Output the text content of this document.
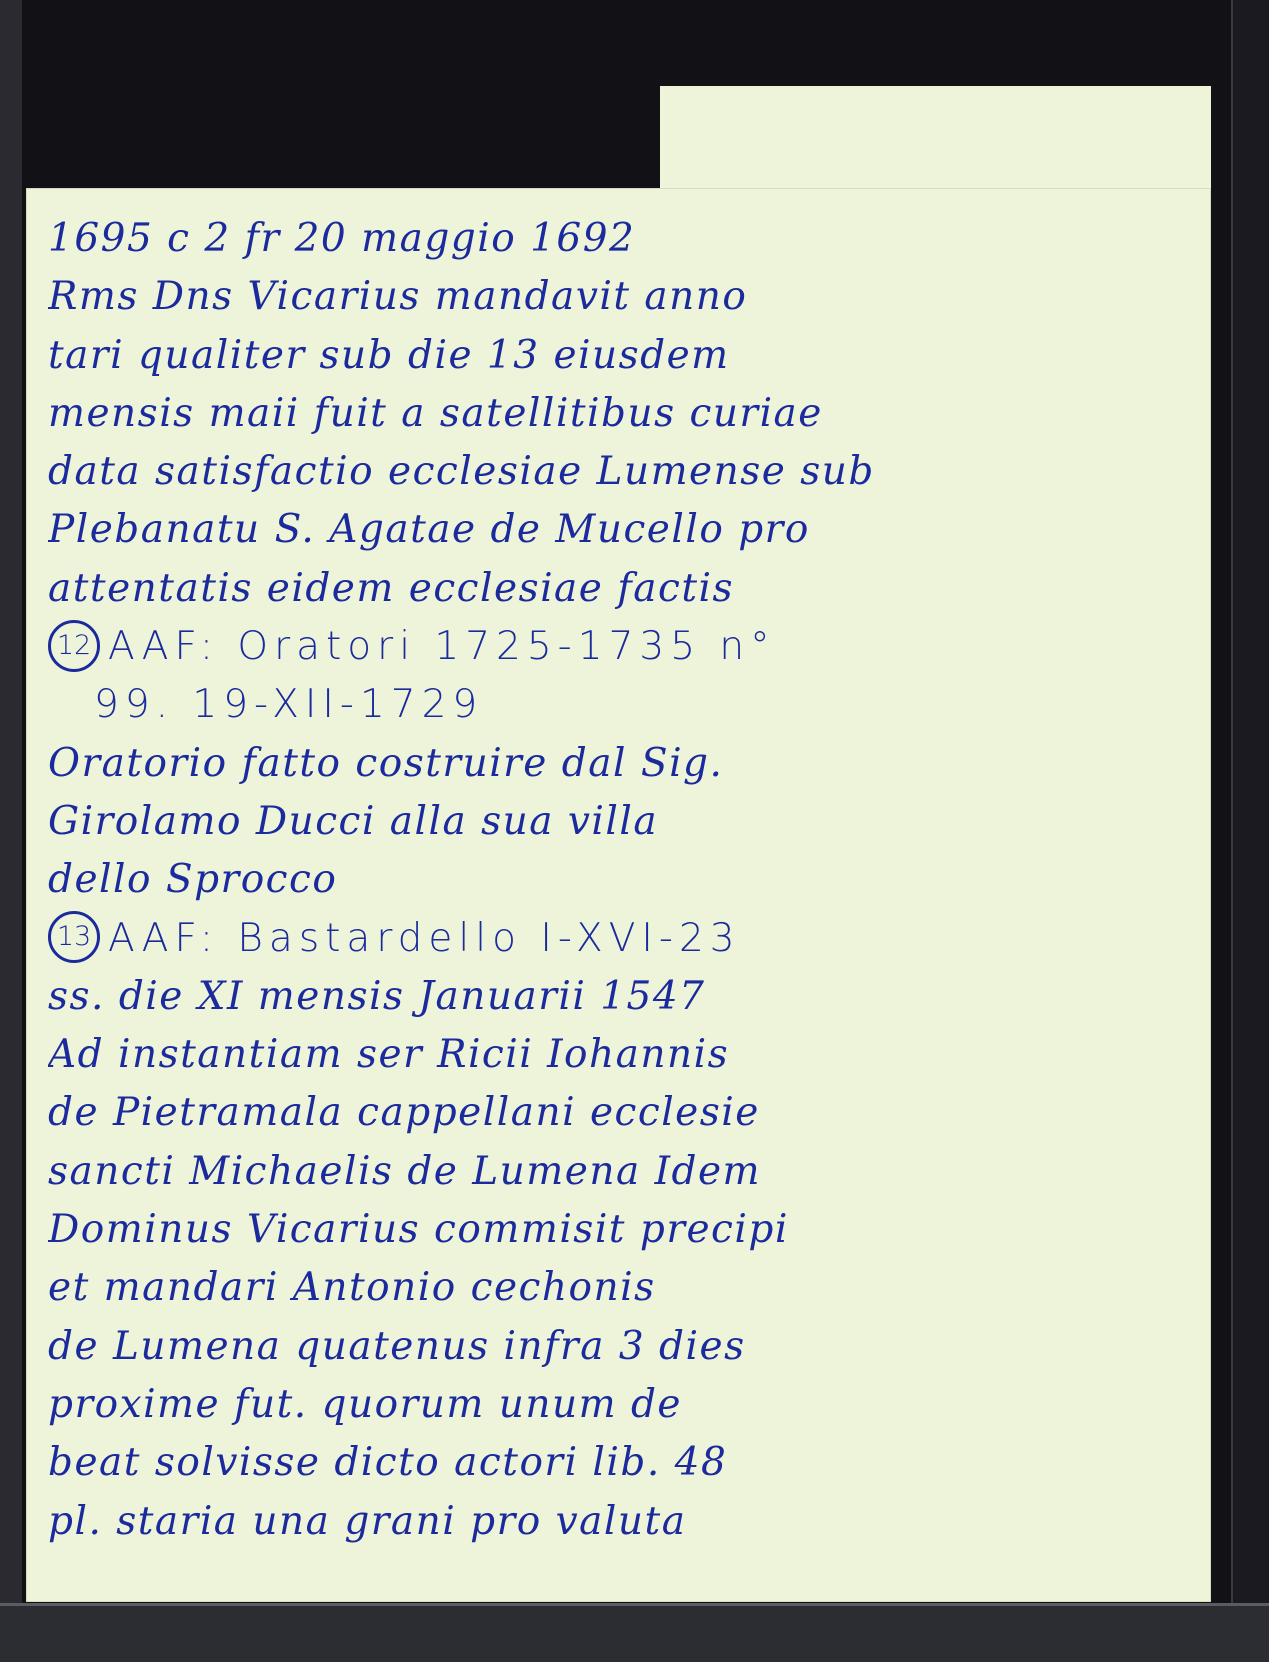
1695 c 2 fr 20 maggio 1692
Rms Dns Vicarius mandavit anno
tari qualiter sub die 13 eiusdem
mensis maii fuit a satellitibus curiae
data satisfactio ecclesiae Lumense sub
Plebanatu S. Agatae de Mucello pro
attentatis eidem ecclesiae factis
12 AAF: Oratori 1725-1735 n°
99. 19-XII-1729
Oratorio fatto costruire dal Sig.
Girolamo Ducci alla sua villa
dello Sprocco
13 AAF: Bastardello I-XVI-23
ss. die XI mensis Januarii 1547
Ad instantiam ser Ricii Iohannis
de Pietramala cappellani ecclesie
sancti Michaelis de Lumena Idem
Dominus Vicarius commisit precipi
et mandari Antonio cechonis
de Lumena quatenus infra 3 dies
proxime fut. quorum unum de
beat solvisse dicto actori lib. 48
pl. staria una grani pro valuta
